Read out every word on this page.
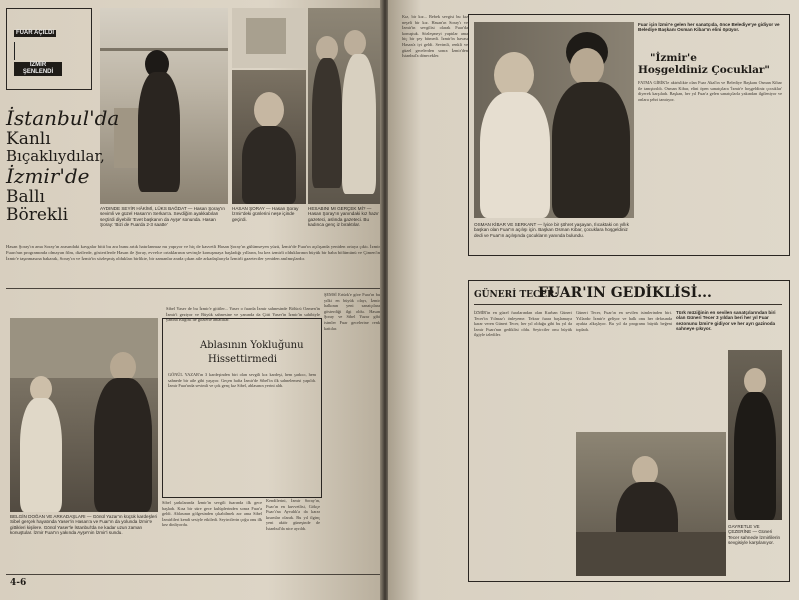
FUAR AÇILDI
İZMİR ŞENLENDİ
İstanbul'da
Kanlı
Bıçaklıydılar,
İzmir'de
Ballı
Börekli	AYDINDE SEYİR HÂKİMİ, LÜKS BAĞDAT — Hasan Şoray'ın sevimli ve güzel Hasan'ın Serkan'a. Sevdiğim ayakkabıları seçtirdi diyebilir 'Evet başkanın da Ayşe' sonunda. Hasan Şoray: 'Bizi de Fuarda 2-3 saatte'
HASAN ŞORAY — Hasan Şoray İzmir'deki günlerini neşe içinde geçirdi.
HESABINI MI GERÇEK Mİ? — Hasan Şoray'ın yanındaki kız hazır gazeteci, aslında gazeteci. Bu kadınca genç iz bıraktılar.
Hasan Şoray'ın ama Soray'ın arasındaki kavgalar bitti bu ara bunu artık hatırlanmaz mı yapıyor ve hiç de kasvetli Hasan Şoray'ın gülümseyen yüzü, İzmir'de Fuar'ın açılışında yeniden ortaya çıktı. İzmir Fuarı'nın programında olmayan film, dizilerde, gösterilerde Hasan ile Şoray, evvelce ortaklarının sevinçle konuşmaya başladığı yılların, bu kez izmirli olduklarının büyük bir baba bölümünü ve Çimen'in İzmir'e taşınmasına bakarak, Soray'ın ve İzmir'in sözleşmiş oldukları birlikte, bir zamanlar arada çıkan aile arkadaşlarıyla İzmirli gazeteciler yeniden anılmışlardır.
Sibel Yaser de bu İzmir'e gittiler... Yaser o fuarda İzmir sahnesinde Bölücü Ozmen'in İzmir'i geziyor ve Büyük sahnesine ve yanında da Çitti Yaser'in İzmir'in sahibiyle yanına Bilgirli de gözlerle anlattılar.
Ablasının Yokluğunu
Hissettirmedi
GÖNÜL YAZAR'ın 3 kardeşinden biri olan sevgili kız kardeşi, hem şarkıcı, hem sahnede bir aile gibi yaşıyor. Geçen hafta İzmir'de Sibel'in ilk sahnelemesi yapıldı. İzmir Fuar'ında sevimli ve çok genç kız Sibel, ablasının yerini aldı.
ŞEMSİ Ertürk'e göre Fuar'ın bu yılki en büyük olayı, İzmir halkının yeni sanatçılara gösterdiği ilgi oldu. Hasan Şoray ve Sibel Yazar gibi isimler Fuar gecelerine renk kattılar.
Kendilerini, İzmir Soray'ın, Fuar'ın en kuvvetlisi, Gökçe Fuar'ı'na Ayvalık'a da karar kısımlar olarak. Bu yıl ilginç yeni aktör güneşinde de İstanbul'da nice ayrıldı.
BELGİN DOĞAN VE ARKADAŞLARI — Gönül Yazar'ın küçük kardeşleri Sibel gerçek hayatında Yaser'in Hasan'a ve Fuar'ın da yolunda İzmir'e gittikleri kişilere. Gönül Yaser'le İstanbul'da ne kadar uzun zaman konuştular. İzmir Fuar'ın yakında Ayşe'nin İzmir'i sundu.
Sibel şarkılarında İzmir'in sevgili fuarında ilk gece başladı. Kısa bir süre gece kulüplerinden sonra Fuar'a geldi. Ablasının gölgesinden çıkabilmek zor ama Sibel İzmirlileri kendi sesiyle etkiledi. Seyircilerin çoğu onu ilk kez dinliyordu.
4-6
Kız, bir kız... Bebek sevgisi bu kız neşeli bir kız. Hasan'ın Soray'ı ve İzmir'in sevgilisi olarak Fuar'da konuştuk. Sözleşmeyi yaptılar ama hiç bir şey bitmedi. İzmir'in havası Hasan'a iyi geldi. Sevimli, renkli ve güzel gecelerden sonra İzmir'den İstanbul'a dönecekler.
OSMAN KİBAR VE SERKANT — İyice bir şöhret yaşayan, Ilıcaktaki on yıllık başkan olan Fuar'ın açılışı için. Başkan Osman Kibar, çocuklara hoşgeldiniz dedi ve Fuar'ın açılışında çocukların yanında bulundu.
Fuar için İzmir'e gelen her sanatçıda, önce Belediye'ye gidiyor ve Belediye Başkanı Osman Kibar'ın elini öpüyor.
"İzmir'e
Hoşgeldiniz Çocuklar"
FATMA GİRİK'le aktrislikte olan Fuar Akal'ın ve Belediye Başkanı Osman Kibar ile tanıştırıldı. Osman Kibar, elini öpen sanatçılara 'İzmir'e hoşgeldiniz çocuklar' diyerek karşıladı. Başkan, her yıl Fuar'a gelen sanatçılarla yakından ilgileniyor ve onlara şehri tanıtıyor.
GÜNERİ TECER:
FUAR'IN GEDİKLİSİ...
İZMİR'in en güzel fuarlarından olan Kurban Güneri Tecer'in Yılmaz'ı önleyeme. Tekrar fuara başlamaya karar veren Güneri Tecer, her yıl olduğu gibi bu yıl da İzmir Fuarı'nın gediklisi oldu. Seyirciler onu büyük ilgiyle izlediler.
Güneri Tecer, Fuar'ın en sevilen isimlerinden biri. Yıllardır İzmir'e geliyor ve halk onu her defasında ayakta alkışlıyor. Bu yıl da programı büyük beğeni topladı.
Türk müziğinin en sevilen sanatçılarından biri olan Güneri Tecer 3 yıldan beri her yıl Fuar sezonunu İzmir'e gidiyor ve her ayrı gazinoda sahneye çıkıyor.
GAYRETLE VE ÇEZERİNE — Güneri Tecer sahnede İzmirlilerin sevgisiyle karşılanıyor.
